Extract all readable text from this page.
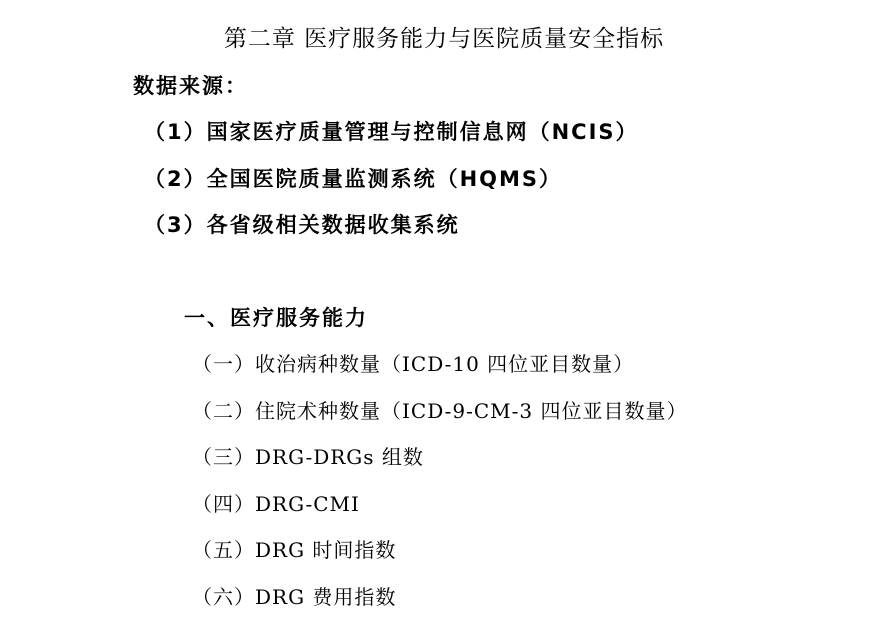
第二章 医疗服务能力与医院质量安全指标
数据来源：
（1）国家医疗质量管理与控制信息网（NCIS）
（2）全国医院质量监测系统（HQMS）
（3）各省级相关数据收集系统
一、医疗服务能力
（一）收治病种数量（ICD-10 四位亚目数量）
（二）住院术种数量（ICD-9-CM-3 四位亚目数量）
（三）DRG-DRGs 组数
（四）DRG-CMI
（五）DRG 时间指数
（六）DRG 费用指数
